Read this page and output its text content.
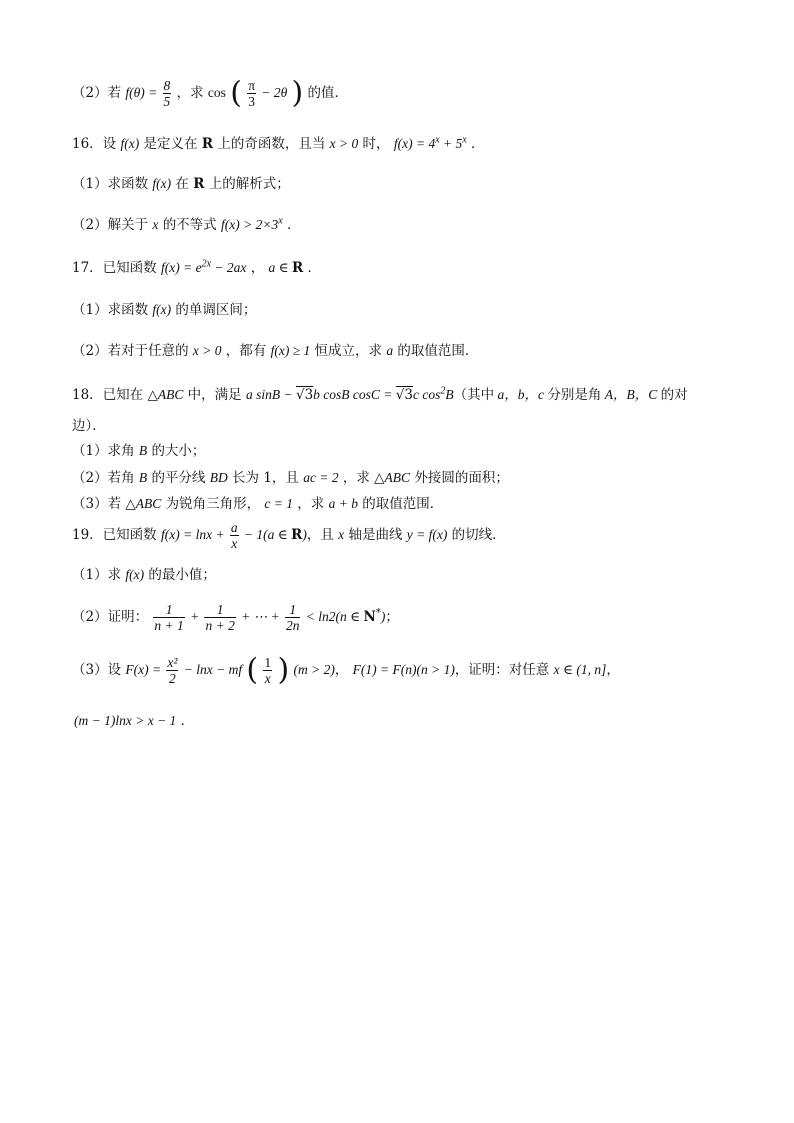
（2）若 $f(\theta) = \frac{8}{5}$ ，求 cos ( $\frac{\pi}{3} - 2\theta$ ) 的值．
16．设 f(x) 是定义在 R 上的奇函数，且当 x > 0 时， $f(x) = 4^x + 5^x$ ．
（1）求函数 f(x) 在 R 上的解析式；
（2）解关于 x 的不等式 $f(x) > 2\times 3^x$ ．
17．已知函数 $f(x) = e^{2x} - 2ax$ ， a ∈ R ．
（1）求函数 f(x) 的单调区间；
（2）若对于任意的 x > 0 ，都有 f(x) ≥ 1 恒成立，求 a 的取值范围．
18．已知在 △ABC 中，满足 a sinB − √3b cosB cosC = √3c $\cos^2B$（其中 a，b，c 分别是角 A，B，C 的对
边）．
（1）求角 B 的大小；
（2）若角 B 的平分线 BD 长为 1，且 ac = 2 ，求 △ABC 外接圆的面积；
（3）若 △ABC 为锐角三角形， c = 1 ，求 a + b 的取值范围．
19．已知函数 $f(x) = \ln x + \frac{a}{x} - 1(a$ ∈ R)，且 x 轴是曲线 y = f(x) 的切线．
（1）求 f(x) 的最小值；
（2）证明： $\frac{1}{n + 1} + \frac{1}{n + 2}$ + ⋯ + $\frac{1}{2n} < \ln 2(n$ ∈ N*)；
（3）设 $F(x) = \frac{\text{x²}}{2} - \ln x$ − mf ( $\frac{1}{x}$ ) (m > 2)， F(1) = F(n)(n > 1)，证明：对任意 x ∈ (1, n]，
(m − 1)lnx > x − 1 ．
